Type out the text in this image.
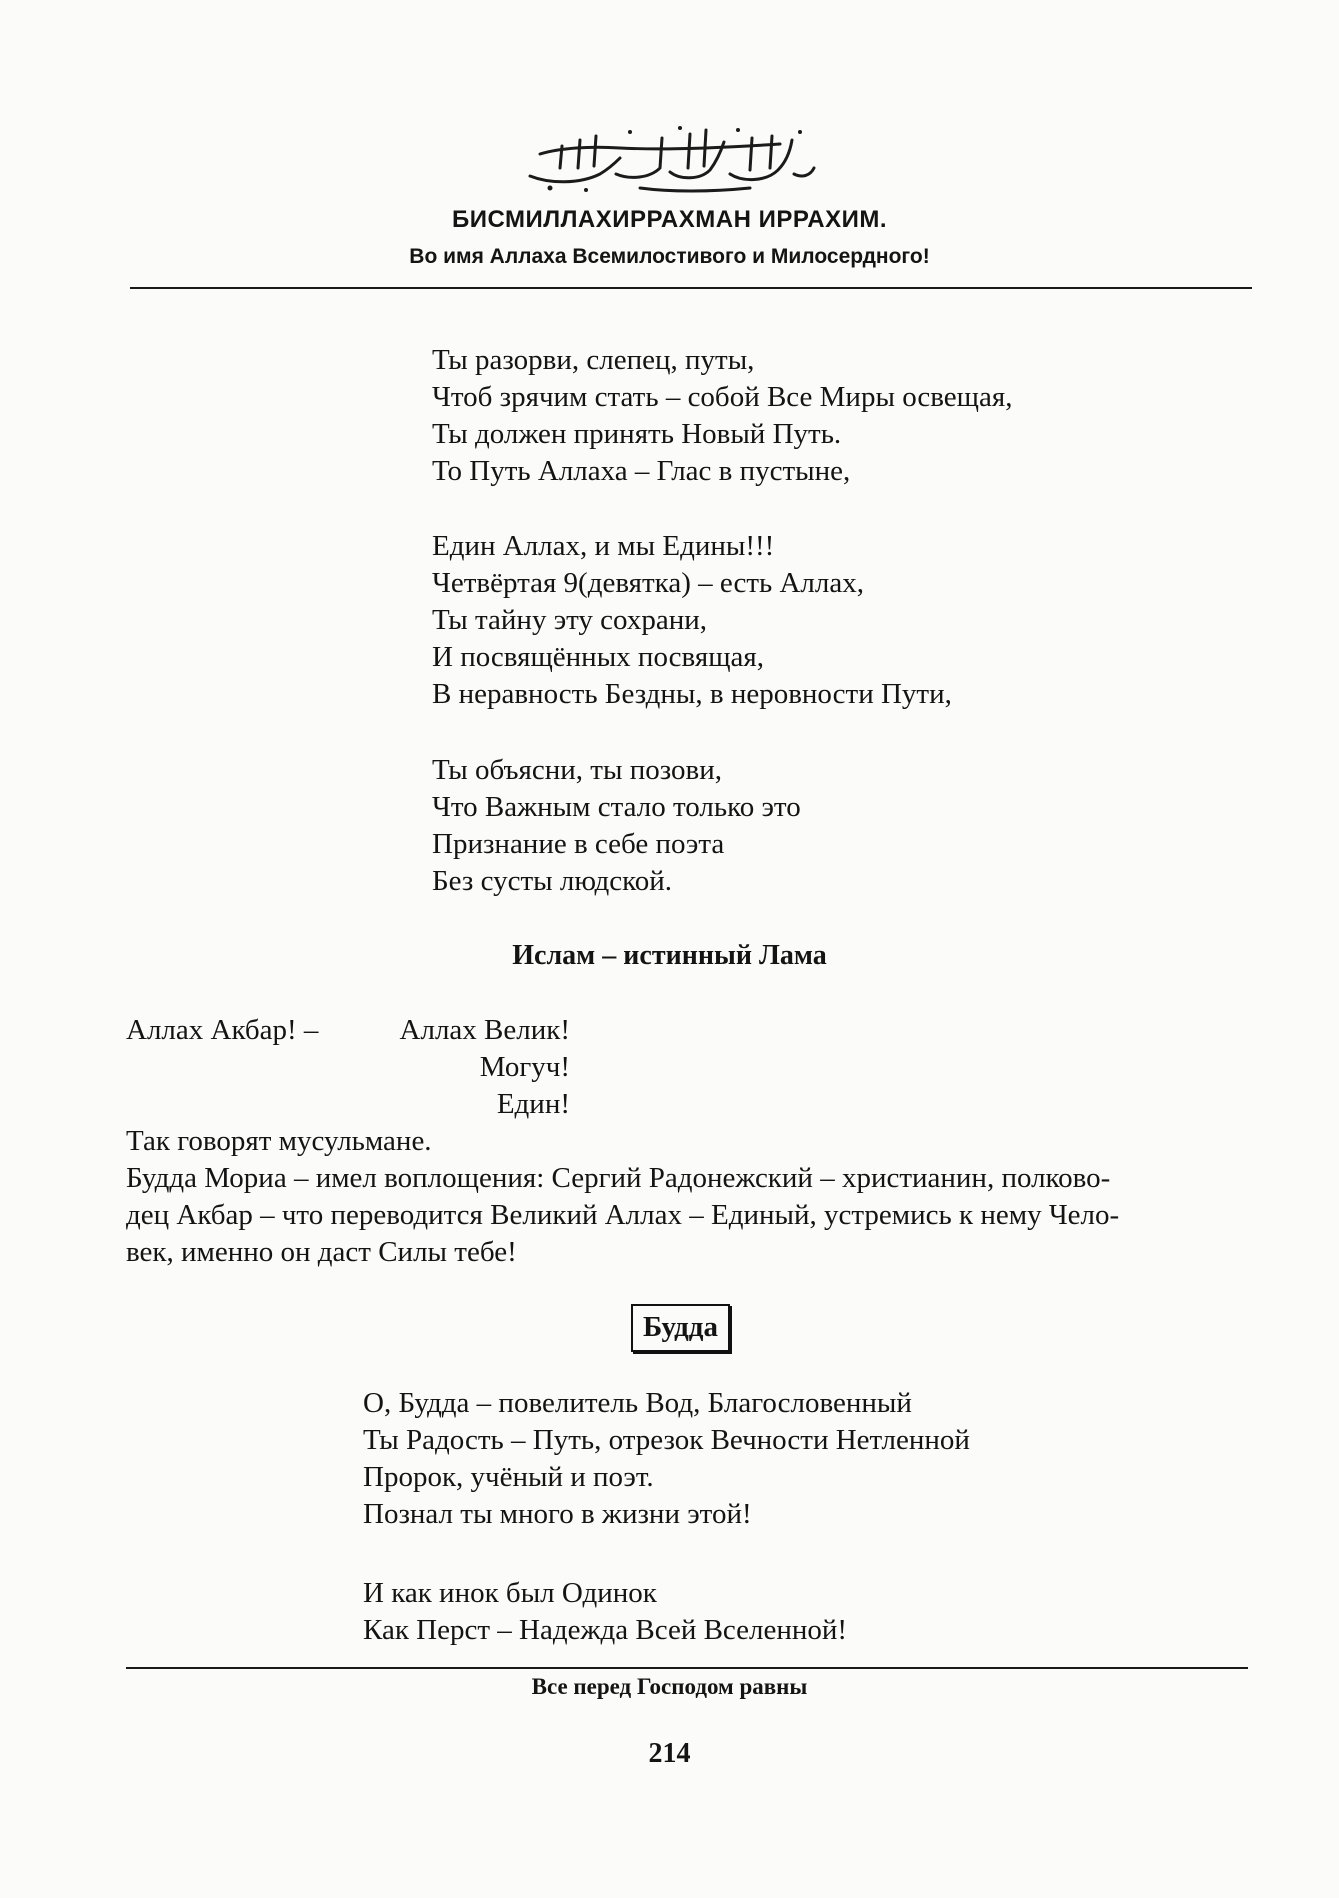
БИСМИЛЛАХИРРАХМАН ИРРАХИМ.
Во имя Аллаха Всемилостивого и Милосердного!
Ты разорви, слепец, путы,
Чтоб зрячим стать – собой Все Миры освещая,
Ты должен принять Новый Путь.
То Путь Аллаха – Глас в пустыне,
Един Аллах, и мы Едины!!!
Четвёртая 9(девятка) – есть Аллах,
Ты тайну эту сохрани,
И посвящённых посвящая,
В неравность Бездны, в неровности Пути,
Ты объясни, ты позови,
Что Важным стало только это
Признание в себе поэта
Без сусты людской.
Ислам – истинный Лама
Аллах Акбар! –	Аллах Велик!
Могуч!
Един!
Так говорят мусульмане.
Будда Мориа – имел воплощения: Сергий Радонежский – христианин, полково-
дец Акбар – что переводится Великий Аллах – Единый, устремись к нему Чело-
век, именно он даст Силы тебе!
Будда
О, Будда – повелитель Вод, Благословенный
Ты Радость – Путь, отрезок Вечности Нетленной
Пророк, учёный и поэт.
Познал ты много в жизни этой!
И как инок был Одинок
Как Перст – Надежда Всей Вселенной!
Все перед Господом равны
214
